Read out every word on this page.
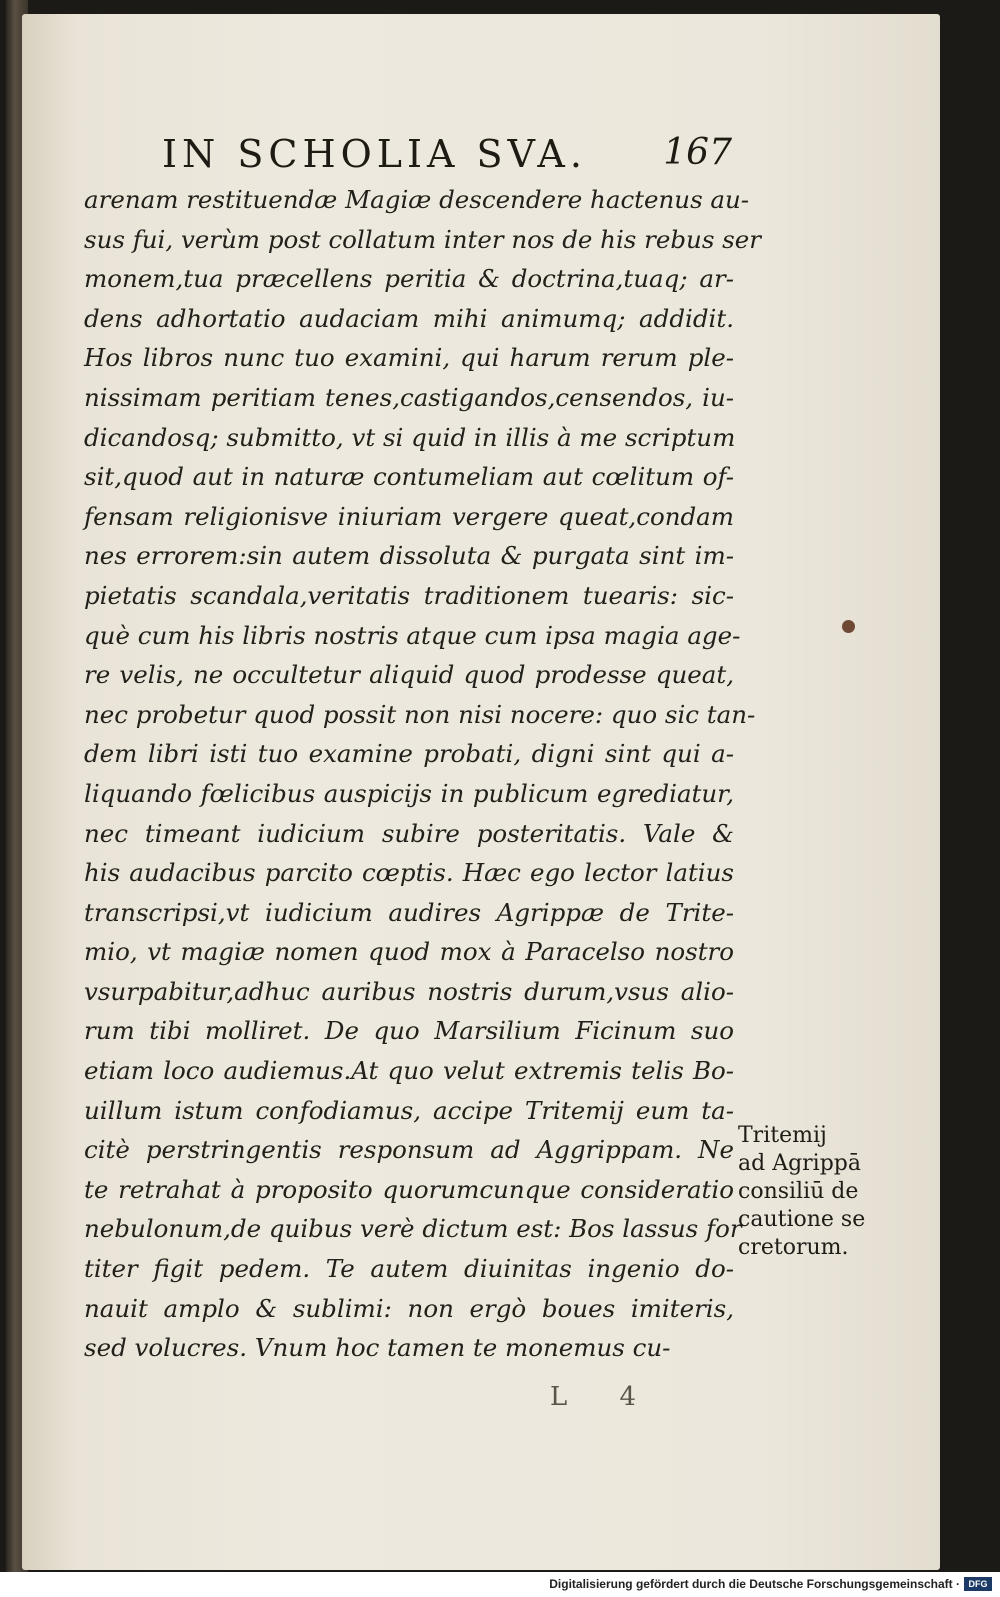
IN SCHOLIA SVA. 167
arenam restituendæ Magiæ descendere hactenus au-
sus fui, verùm post collatum inter nos de his rebus ser
monem,tua præcellens peritia & doctrina,tuaq; ar-
dens adhortatio audaciam mihi animumq; addidit.
Hos libros nunc tuo examini, qui harum rerum ple-
nissimam peritiam tenes,castigandos,censendos, iu-
dicandosq; submitto, vt si quid in illis à me scriptum
sit,quod aut in naturæ contumeliam aut cœlitum of-
fensam religionisve iniuriam vergere queat,condam
nes errorem:sin autem dissoluta & purgata sint im-
pietatis scandala,veritatis traditionem tuearis: sic-
què cum his libris nostris atque cum ipsa magia age-
re velis, ne occultetur aliquid quod prodesse queat,
nec probetur quod possit non nisi nocere: quo sic tan-
dem libri isti tuo examine probati, digni sint qui a-
liquando fœlicibus auspicijs in publicum egrediatur,
nec timeant iudicium subire posteritatis. Vale &
his audacibus parcito cœptis. Hæc ego lector latius
transcripsi,vt iudicium audires Agrippæ de Trite-
mio, vt magiæ nomen quod mox à Paracelso nostro
vsurpabitur,adhuc auribus nostris durum,vsus alio-
rum tibi molliret. De quo Marsilium Ficinum suo
etiam loco audiemus.At quo velut extremis telis Bo-
uillum istum confodiamus, accipe Tritemij eum ta-
citè perstringentis responsum ad Aggrippam. Ne
te retrahat à proposito quorumcunque consideratio
nebulonum,de quibus verè dictum est: Bos lassus for
titer figit pedem. Te autem diuinitas ingenio do-
nauit amplo & sublimi: non ergò boues imiteris,
sed volucres. Vnum hoc tamen te monemus cu-
Tritemij
ad Agrippā
consiliū de
cautione se
cretorum.
L 4
Digitalisierung gefördert durch die Deutsche Forschungsgemeinschaft · DFG
